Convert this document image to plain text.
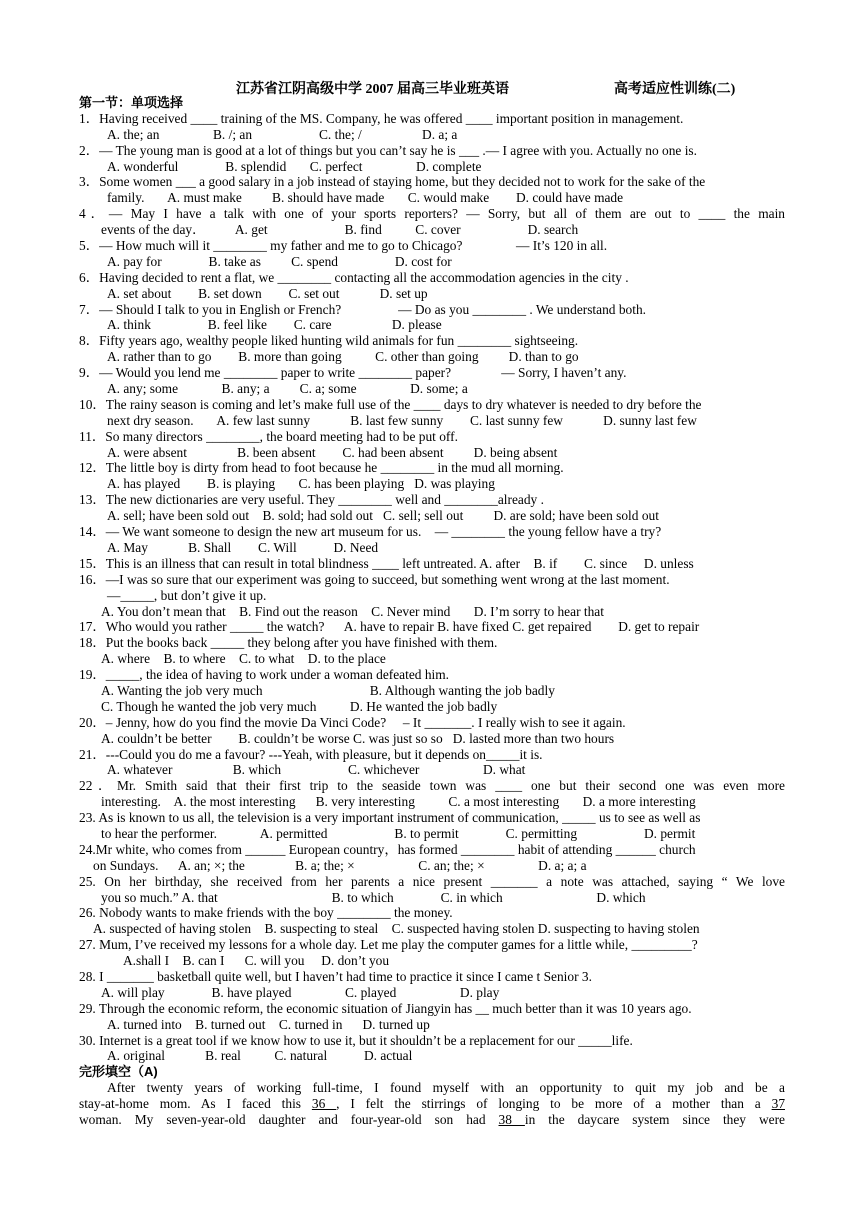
江苏省江阴高级中学 2007 届高三毕业班英语	高考适应性训练(二)
第一节：单项选择
1．Having received ____ training of the MS. Company, he was offered ____ important position in management.
A. the; an                B. /; an                    C. the; /                  D. a; a
2．— The young man is good at a lot of things but you can’t say he is ___ .— I agree with you. Actually no one is.
A. wonderful              B. splendid       C. perfect                D. complete
3．Some women ___ a good salary in a job instead of staying home, but they decided not to work for the sake of the
family.       A. must make         B. should have made       C. would make        D. could have made
4．— May I have a talk with one of your sports reporters? — Sorry, but all of them are out to ____ the main
events of the day．         A. get                       B. find          C. cover                    D. search
5．— How much will it ________ my father and me to go to Chicago?                — It’s 120 in all.
A. pay for              B. take as         C. spend                 D. cost for
6．Having decided to rent a flat, we ________ contacting all the accommodation agencies in the city .
A. set about        B. set down        C. set out            D. set up
7．— Should I talk to you in English or French?                 — Do as you ________ . We understand both.
A. think                 B. feel like        C. care                  D. please
8．Fifty years ago, wealthy people liked hunting wild animals for fun ________ sightseeing.
A. rather than to go        B. more than going          C. other than going         D. than to go
9．— Would you lend me ________ paper to write ________ paper?               — Sorry, I haven’t any.
A. any; some             B. any; a         C. a; some                D. some; a
10．The rainy season is coming and let’s make full use of the ____ days to dry whatever is needed to dry before the
next dry season.       A. few last sunny            B. last few sunny        C. last sunny few            D. sunny last few
11．So many directors ________, the board meeting had to be put off.
A. were absent               B. been absent        C. had been absent         D. being absent
12．The little boy is dirty from head to foot because he ________ in the mud all morning.
A. has played        B. is playing       C. has been playing   D. was playing
13．The new dictionaries are very useful. They ________ well and ________already .
A. sell; have been sold out    B. sold; had sold out   C. sell; sell out         D. are sold; have been sold out
14．— We want someone to design the new art museum for us.    — ________ the young fellow have a try?
A. May            B. Shall        C. Will           D. Need
15．This is an illness that can result in total blindness ____ left untreated. A. after    B. if        C. since     D. unless
16．—I was so sure that our experiment was going to succeed, but something went wrong at the last moment.
—_____, but don’t give it up.
A. You don’t mean that    B. Find out the reason    C. Never mind       D. I’m sorry to hear that
17．Who would you rather _____ the watch?      A. have to repair B. have fixed C. get repaired        D. get to repair
18．Put the books back _____ they belong after you have finished with them.
A. where    B. to where    C. to what    D. to the place
19．_____, the idea of having to work under a woman defeated him.
A. Wanting the job very much                                B. Although wanting the job badly
C. Though he wanted the job very much          D. He wanted the job badly
20．– Jenny, how do you find the movie Da Vinci Code?     – It _______. I really wish to see it again.
A. couldn’t be better        B. couldn’t be worse C. was just so so   D. lasted more than two hours
21．---Could you do me a favour? ---Yeah, with pleasure, but it depends on_____it is.
A. whatever                  B. which                    C. whichever                   D. what
22．Mr. Smith said that their first trip to the seaside town was ____ one but their second one was even more
interesting.    A. the most interesting      B. very interesting          C. a most interesting       D. a more interesting
23. As is known to us all, the television is a very important instrument of communication, _____ us to see as well as
to hear the performer.             A. permitted                    B. to permit              C. permitting                    D. permit
24.Mr white, who comes from ______ European country，has formed ________ habit of attending ______ church
on Sundays.      A. an; ×; the               B. a; the; ×                   C. an; the; ×                D. a; a; a
25. On her birthday, she received from her parents a nice present _______ a note was attached, saying “ We love
you so much.” A. that                                  B. to which              C. in which                            D. which
26. Nobody wants to make friends with the boy ________ the money.
A. suspected of having stolen    B. suspecting to steal    C. suspected having stolen D. suspecting to having stolen
27. Mum, I’ve received my lessons for a whole day. Let me play the computer games for a little while, _________?
A.shall I    B. can I      C. will you     D. don’t you
28. I _______ basketball quite well, but I haven’t had time to practice it since I came t Senior 3.
A. will play              B. have played                C. played                   D. play
29. Through the economic reform, the economic situation of Jiangyin has __ much better than it was 10 years ago.
A. turned into    B. turned out    C. turned in      D. turned up
30. Internet is a great tool if we know how to use it, but it shouldn’t be a replacement for our _____life.
A. original            B. real          C. natural           D. actual
完形填空（A)
After twenty years of working full-time, I found myself with an opportunity to quit my job and be a
stay-at-home mom. As I faced this 36 , I felt the stirrings of longing to be more of a mother than a 37
woman. My seven-year-old daughter and four-year-old son had 38 in the daycare system since they were
